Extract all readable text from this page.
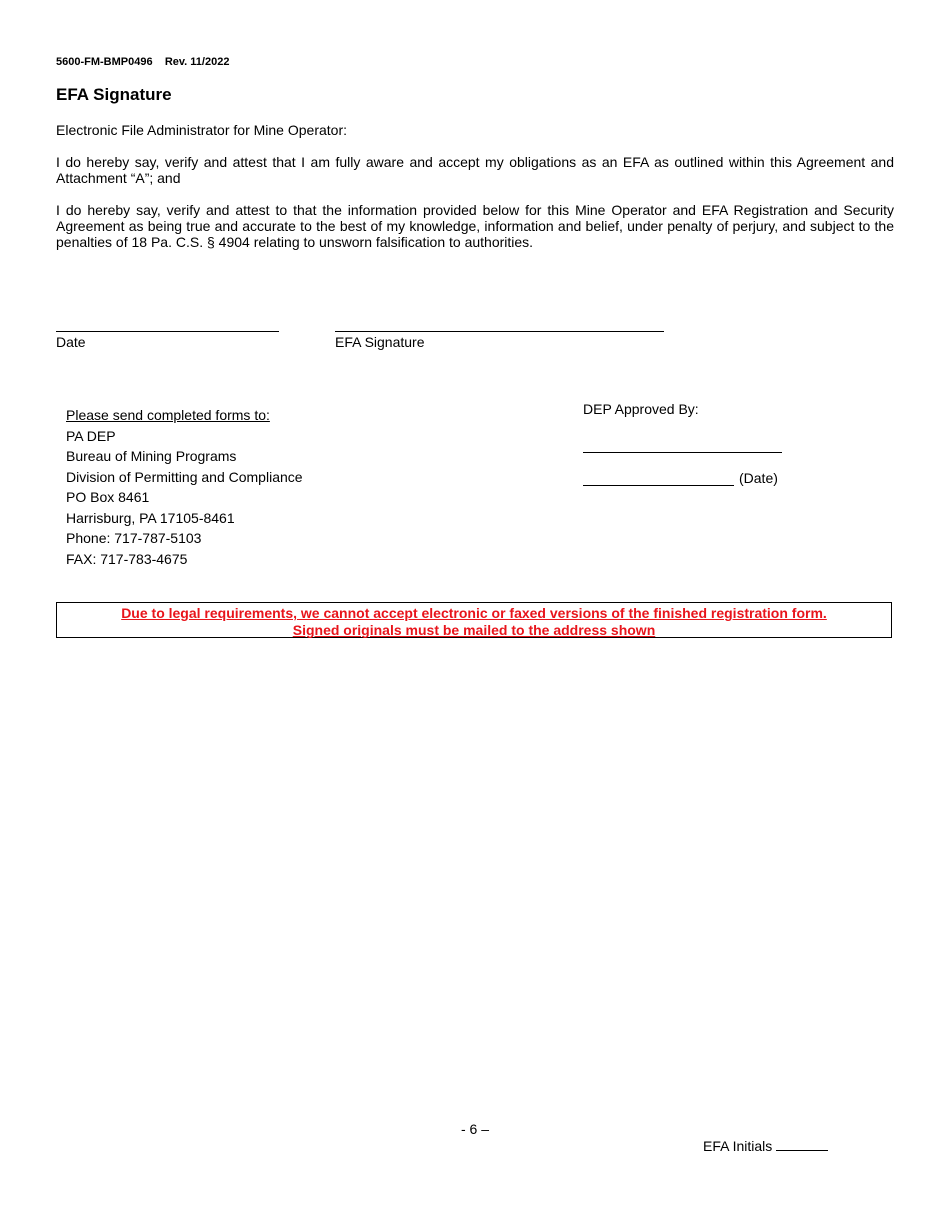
5600-FM-BMP0496    Rev. 11/2022
EFA Signature
Electronic File Administrator for Mine Operator:
I do hereby say, verify and attest that I am fully aware and accept my obligations as an EFA as outlined within this Agreement and Attachment “A”; and
I do hereby say, verify and attest to that the information provided below for this Mine Operator and EFA Registration and Security Agreement as being true and accurate to the best of my knowledge, information and belief, under penalty of perjury, and subject to the penalties of 18 Pa. C.S. § 4904 relating to unsworn falsification to authorities.
Date	EFA Signature
Please send completed forms to:
PA DEP
Bureau of Mining Programs
Division of Permitting and Compliance
PO Box 8461
Harrisburg, PA 17105-8461
Phone: 717-787-5103
FAX: 717-783-4675
DEP Approved By:
(Date)
Due to legal requirements, we cannot accept electronic or faxed versions of the finished registration form.
Signed originals must be mailed to the address shown
- 6 –
EFA Initials
